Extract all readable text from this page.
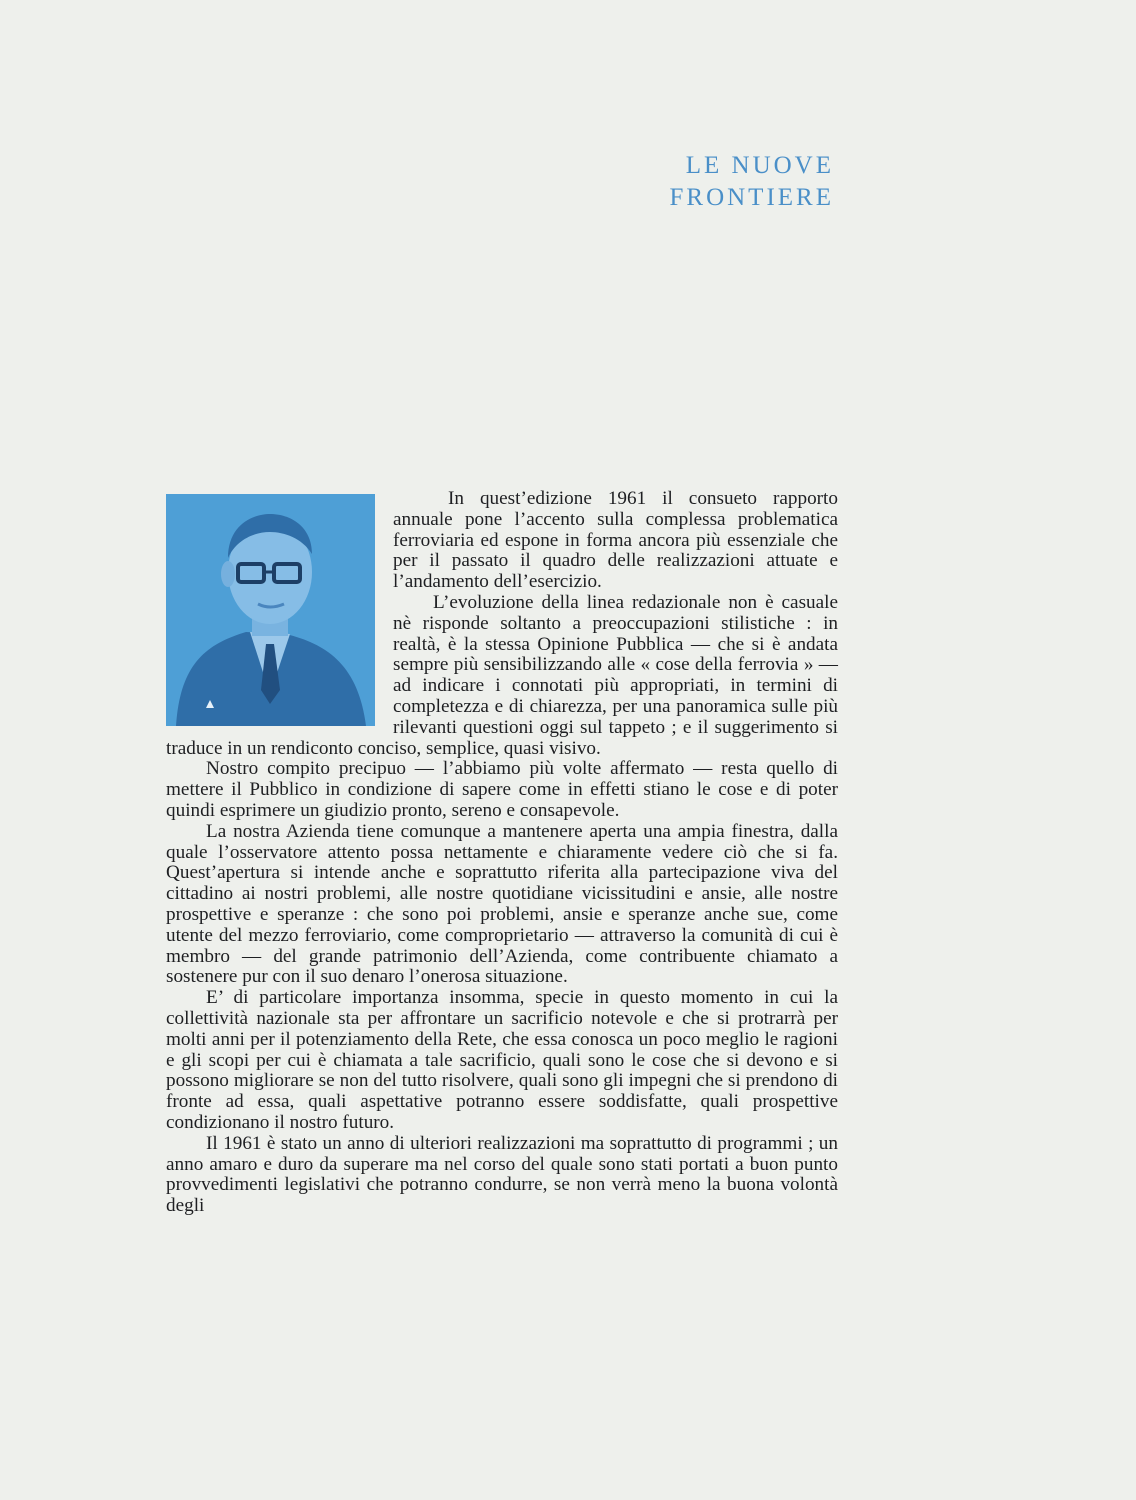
LE NUOVE
FRONTIERE

In quest’edizione 1961 il consueto rapporto annuale pone l’accento sulla complessa problematica ferroviaria ed espone in forma ancora più essenziale che per il passato il quadro delle realizzazioni attuate e l’andamento dell’esercizio.

L’evoluzione della linea redazionale non è casuale nè risponde soltanto a preoccupazioni stilistiche : in realtà, è la stessa Opinione Pubblica — che si è andata sempre più sensibilizzando alle « cose della ferrovia » — ad indicare i connotati più appropriati, in termini di completezza e di chiarezza, per una panoramica sulle più rilevanti questioni oggi sul tappeto ; e il suggerimento si traduce in un rendiconto conciso, semplice, quasi visivo.

Nostro compito precipuo — l’abbiamo più volte affermato — resta quello di mettere il Pubblico in condizione di sapere come in effetti stiano le cose e di poter quindi esprimere un giudizio pronto, sereno e consapevole.

La nostra Azienda tiene comunque a mantenere aperta una ampia finestra, dalla quale l’osservatore attento possa nettamente e chiaramente vedere ciò che si fa. Quest’apertura si intende anche e soprattutto riferita alla partecipazione viva del cittadino ai nostri problemi, alle nostre quotidiane vicissitudini e ansie, alle nostre prospettive e speranze : che sono poi problemi, ansie e speranze anche sue, come utente del mezzo ferroviario, come comproprietario — attraverso la comunità di cui è membro — del grande patrimonio dell’Azienda, come contribuente chiamato a sostenere pur con il suo denaro l’onerosa situazione.

E’ di particolare importanza insomma, specie in questo momento in cui la collettività nazionale sta per affrontare un sacrificio notevole e che si protrarrà per molti anni per il potenziamento della Rete, che essa conosca un poco meglio le ragioni e gli scopi per cui è chiamata a tale sacrificio, quali sono le cose che si devono e si possono migliorare se non del tutto risolvere, quali sono gli impegni che si prendono di fronte ad essa, quali aspettative potranno essere soddisfatte, quali prospettive condizionano il nostro futuro.

Il 1961 è stato un anno di ulteriori realizzazioni ma soprattutto di programmi ; un anno amaro e duro da superare ma nel corso del quale sono stati portati a buon punto provvedimenti legislativi che potranno condurre, se non verrà meno la buona volontà degli
